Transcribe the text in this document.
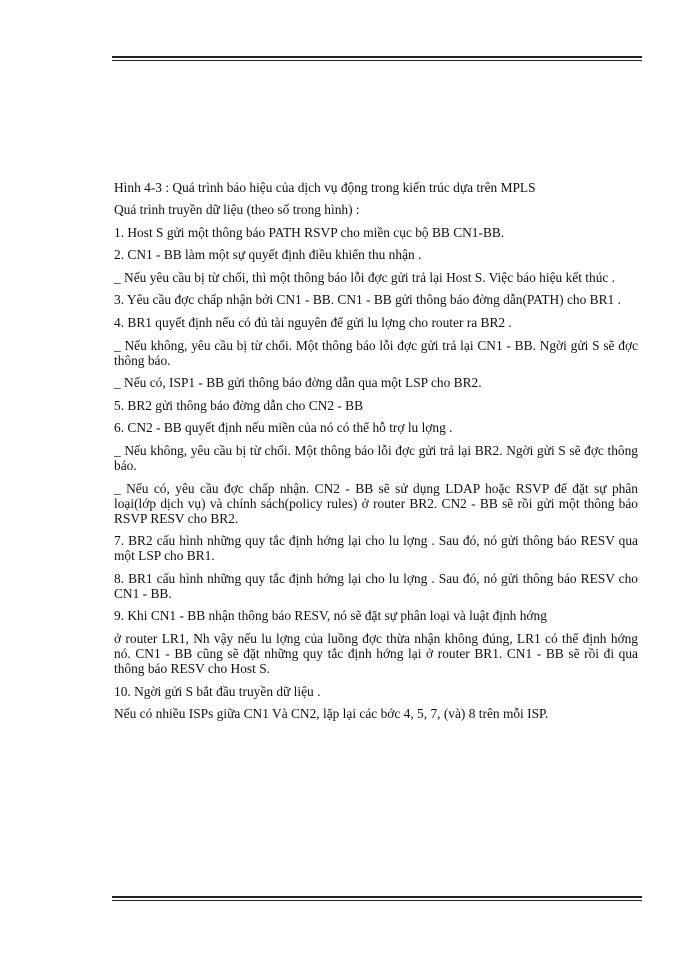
Hình 4-3 : Quá trình báo hiệu của dịch vụ động trong kiến trúc dựa trên MPLS

Quá trình truyền dữ liệu (theo số trong hình) :

1. Host S gửi một thông báo PATH RSVP cho miền cục bộ BB CN1-BB.

2. CN1 - BB làm một sự quyết định điều khiển thu nhận .

_ Nếu yêu cầu bị từ chối, thì một thông báo lỗi đợc gửi trả lại Host S. Việc báo hiệu kết thúc .

3. Yêu cầu đợc chấp nhận bởi CN1 - BB. CN1 - BB gửi thông báo đờng dẫn(PATH) cho BR1 .

4. BR1 quyết định nếu có đủ tài nguyên để gửi lu lợng cho router ra BR2 .

_ Nếu không, yêu cầu bị từ chối. Một thông báo lỗi đợc gửi trả lại CN1 - BB. Ngời gửi S sẽ đợc thông báo.

_ Nếu có, ISP1 - BB gửi thông báo đờng dẫn qua một LSP cho BR2.

5. BR2 gửi thông báo đờng dẫn cho CN2 - BB

6. CN2 - BB quyết định nếu miền của nó có thể hỗ trợ lu lợng .

_ Nếu không, yêu cầu bị từ chối. Một thông báo lỗi đợc gửi trả lại BR2. Ngời gửi S sẽ đợc thông báo.

_ Nếu có, yêu cầu đợc chấp nhận. CN2 - BB sẽ sử dụng LDAP hoặc RSVP để đặt sự phân loại(lớp dịch vụ) và chính sách(policy rules) ở router BR2. CN2 - BB sẽ rồi gửi một thông báo RSVP RESV cho BR2.

7. BR2 cấu hình những quy tắc định hớng lại cho lu lợng . Sau đó, nó gửi thông báo RESV qua một LSP cho BR1.

8. BR1 cấu hình những quy tắc định hớng lại cho lu lợng . Sau đó, nó gửi thông báo RESV cho CN1 - BB.

9. Khi CN1 - BB nhận thông báo RESV, nó sẽ đặt sự phân loại và luật định hớng

ở router LR1, Nh vậy nếu lu lợng của luồng đợc thừa nhận không đúng, LR1 có thể định hớng nó. CN1 - BB cũng sẽ đặt những quy tắc định hớng lại ở router BR1. CN1 - BB sẽ rồi đi qua thông báo RESV cho Host S.

10. Ngời gửi S bắt đầu truyền dữ liệu .

Nếu có nhiều ISPs giữa CN1 Và CN2, lặp lại các bớc 4, 5, 7, (và) 8 trên mỗi ISP.
